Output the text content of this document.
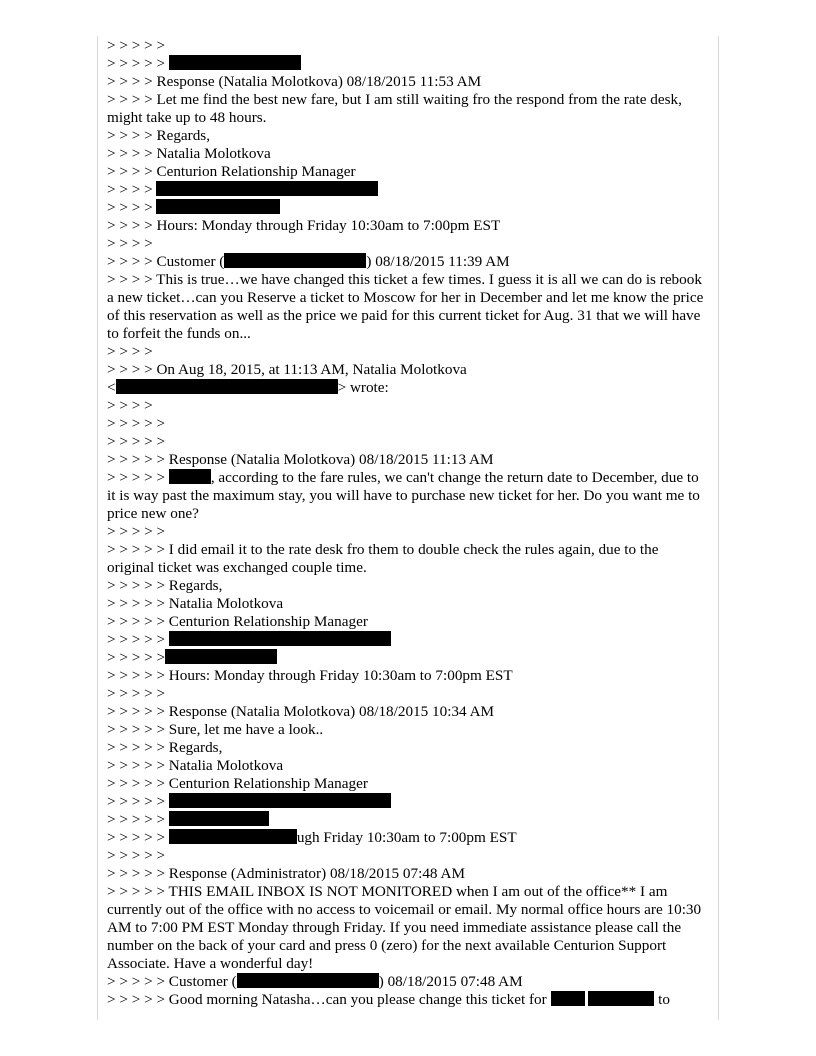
> > > > >
> > > > >
> > > > Response (Natalia Molotkova) 08/18/2015 11:53 AM
> > > > Let me find the best new fare, but I am still waiting fro the respond from the rate desk, might take up to 48 hours.
> > > > Regards,
> > > > Natalia Molotkova
> > > > Centurion Relationship Manager
> > > >
> > > >
> > > > Hours: Monday through Friday 10:30am to 7:00pm EST
> > > >
> > > > Customer (	) 08/18/2015 11:39 AM
> > > > This is true…we have changed this ticket a few times. I guess it is all we can do is rebook a new ticket…can you Reserve a ticket to Moscow for her in December and let me know the price of this reservation as well as the price we paid for this current ticket for Aug. 31 that we will have to forfeit the funds on...
> > > >
> > > > On Aug 18, 2015, at 11:13 AM, Natalia Molotkova
<	> wrote:
> > > >
> > > > >
> > > > >
> > > > > Response (Natalia Molotkova) 08/18/2015 11:13 AM
> > > > >	, according to the fare rules, we can't change the return date to December, due to it is way past the maximum stay, you will have to purchase new ticket for her. Do you want me to price new one?
> > > > >
> > > > > I did email it to the rate desk fro them to double check the rules again, due to the original ticket was exchanged couple time.
> > > > > Regards,
> > > > > Natalia Molotkova
> > > > > Centurion Relationship Manager
> > > > >
> > > > >
> > > > > Hours: Monday through Friday 10:30am to 7:00pm EST
> > > > >
> > > > > Response (Natalia Molotkova) 08/18/2015 10:34 AM
> > > > > Sure, let me have a look..
> > > > > Regards,
> > > > > Natalia Molotkova
> > > > > Centurion Relationship Manager
> > > > >
> > > > >
> > > > >	ugh Friday 10:30am to 7:00pm EST
> > > > >
> > > > > Response (Administrator) 08/18/2015 07:48 AM
> > > > > THIS EMAIL INBOX IS NOT MONITORED when I am out of the office** I am currently out of the office with no access to voicemail or email. My normal office hours are 10:30 AM to 7:00 PM EST Monday through Friday. If you need immediate assistance please call the number on the back of your card and press 0 (zero) for the next available Centurion Support Associate. Have a wonderful day!
> > > > > Customer (	) 08/18/2015 07:48 AM
> > > > > Good morning Natasha…can you please change this ticket for	to
